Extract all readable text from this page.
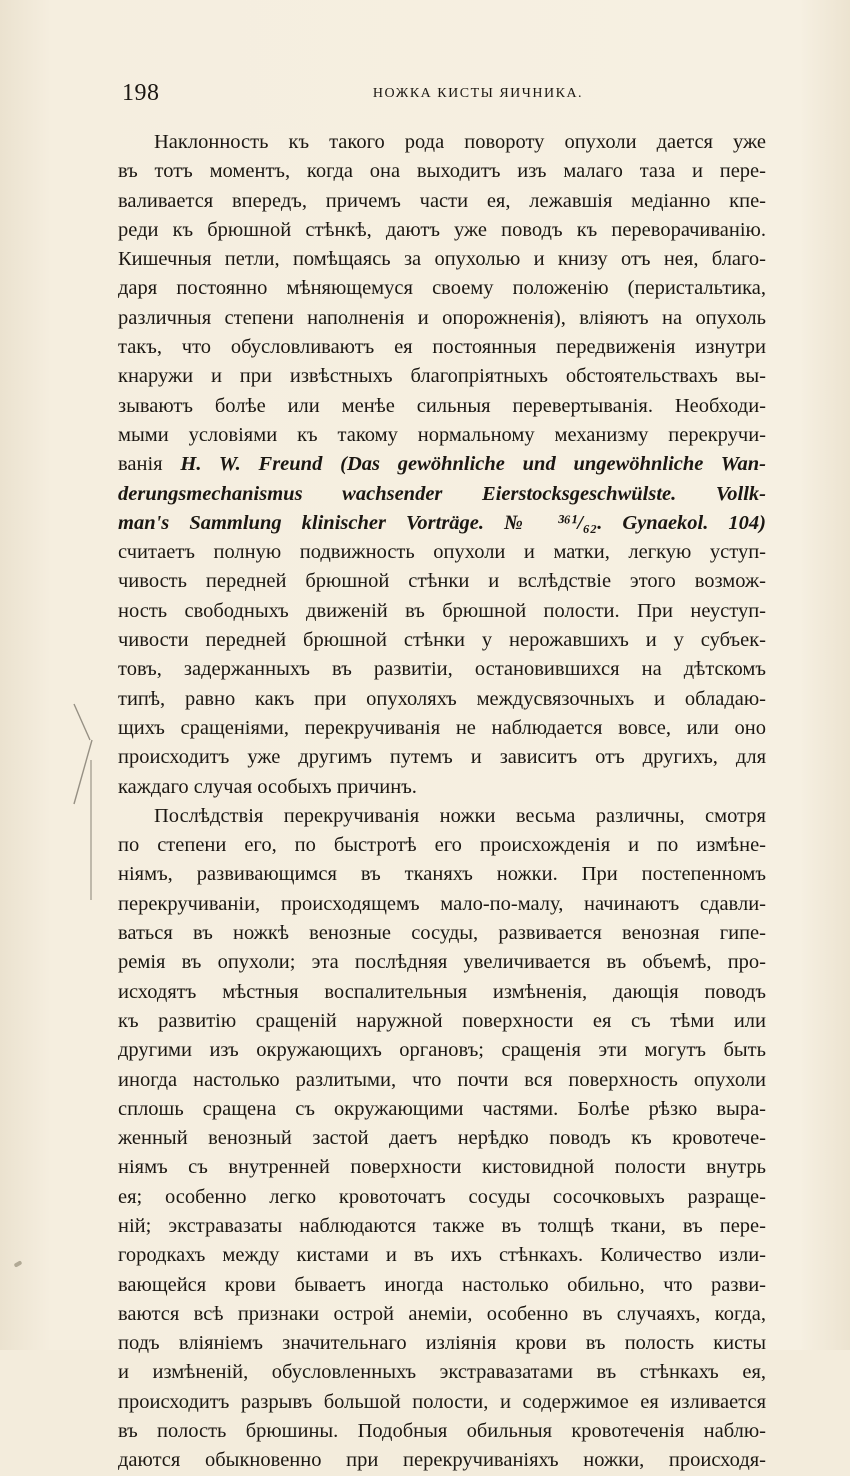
198	НОЖКА КИСТЫ ЯИЧНИКА.
Наклонность къ такого рода повороту опухоли дается уже
въ тотъ моментъ, когда она выходитъ изъ малаго таза и пере-
валивается впередъ, причемъ части ея, лежавшія медіанно кпе-
реди къ брюшной стѣнкѣ, даютъ уже поводъ къ переворачиванію.
Кишечныя петли, помѣщаясь за опухолью и книзу отъ нея, благо-
даря постоянно мѣняющемуся своему положенію (перистальтика,
различныя степени наполненія и опорожненія), вліяютъ на опухоль
такъ, что обусловливаютъ ея постоянныя передвиженія изнутри
кнаружи и при извѣстныхъ благопріятныхъ обстоятельствахъ вы-
зываютъ болѣе или менѣе сильныя перевертыванія. Необходи-
мыми условіями къ такому нормальному механизму перекручи-
ванія H. W. Freund (Das gewöhnliche und ungewöhnliche Wan-
derungsmechanismus wachsender Eierstocksgeschwülste. Vollk-
man's Sammlung klinischer Vorträge. № ³⁶¹/₆₂. Gynaekol. 104)
считаетъ полную подвижность опухоли и матки, легкую уступ-
чивость передней брюшной стѣнки и вслѣдствіе этого возмож-
ность свободныхъ движеній въ брюшной полости. При неуступ-
чивости передней брюшной стѣнки у нерожавшихъ и у субъек-
товъ, задержанныхъ въ развитіи, остановившихся на дѣтскомъ
типѣ, равно какъ при опухоляхъ междусвязочныхъ и обладаю-
щихъ сращеніями, перекручиванія не наблюдается вовсе, или оно
происходитъ уже другимъ путемъ и зависитъ отъ другихъ, для
каждаго случая особыхъ причинъ.
Послѣдствія перекручиванія ножки весьма различны, смотря
по степени его, по быстротѣ его происхожденія и по измѣне-
ніямъ, развивающимся въ тканяхъ ножки. При постепенномъ
перекручиваніи, происходящемъ мало-по-малу, начинаютъ сдавли-
ваться въ ножкѣ венозные сосуды, развивается венозная гипе-
ремія въ опухоли; эта послѣдняя увеличивается въ объемѣ, про-
исходятъ мѣстныя воспалительныя измѣненія, дающія поводъ
къ развитію сращеній наружной поверхности ея съ тѣми или
другими изъ окружающихъ органовъ; сращенія эти могутъ быть
иногда настолько разлитыми, что почти вся поверхность опухоли
сплошь сращена съ окружающими частями. Болѣе рѣзко выра-
женный венозный застой даетъ нерѣдко поводъ къ кровотече-
ніямъ съ внутренней поверхности кистовидной полости внутрь
ея; особенно легко кровоточатъ сосуды сосочковыхъ разраще-
ній; экстравазаты наблюдаются также въ толщѣ ткани, въ пере-
городкахъ между кистами и въ ихъ стѣнкахъ. Количество изли-
вающейся крови бываетъ иногда настолько обильно, что разви-
ваются всѣ признаки острой анеміи, особенно въ случаяхъ, когда,
подъ вліяніемъ значительнаго изліянія крови въ полость кисты
и измѣненій, обусловленныхъ экстравазатами въ стѣнкахъ ея,
происходитъ разрывъ большой полости, и содержимое ея изливается
въ полость брюшины. Подобныя обильныя кровотеченія наблю-
даются обыкновенно при перекручиваніяхъ ножки, происходя-
